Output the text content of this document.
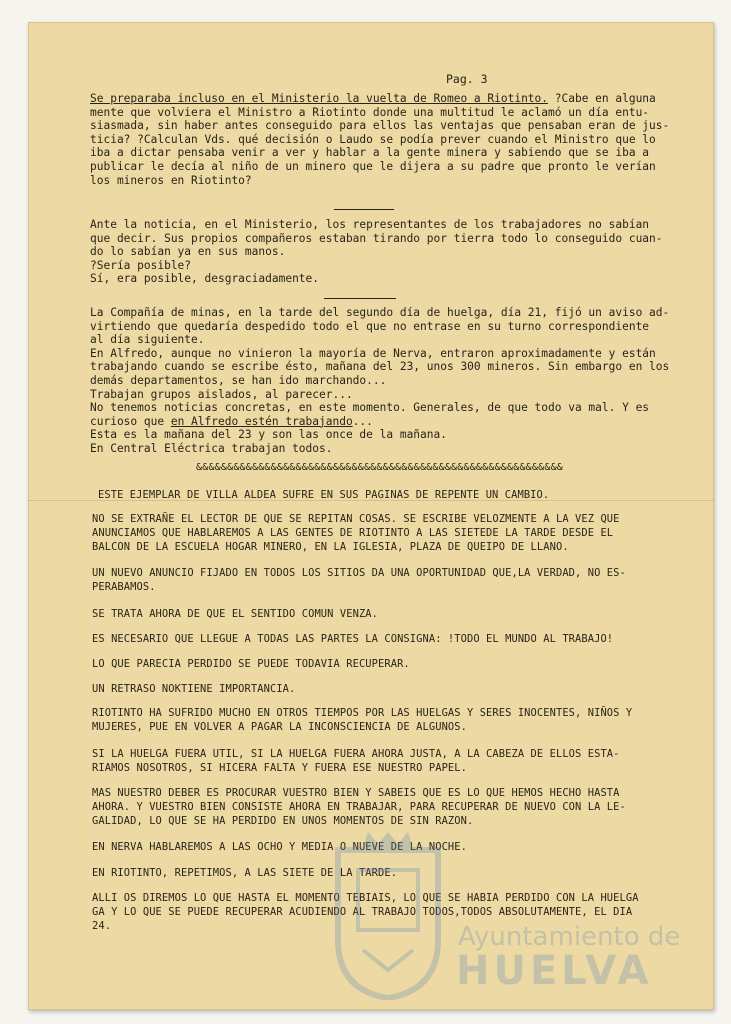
Pag. 3

Se preparaba incluso en el Ministerio la vuelta de Romeo a Riotinto. ?Cabe en alguna
mente que volviera el Ministro a Riotinto donde una multitud le aclamó un día entu-
siasmada, sin haber antes conseguido para ellos las ventajas que pensaban eran de jus-
ticia? ?Calculan Vds. qué decisión o Laudo se podía prever cuando el Ministro que lo
iba a dictar pensaba venir a ver y hablar a la gente minera y sabiendo que se iba a
publicar le decía al niño de un minero que le dijera a su padre que pronto le verían
los mineros en Riotinto?

Ante la noticia, en el Ministerio, los representantes de los trabajadores no sabían
que decir. Sus propios compañeros estaban tirando por tierra todo lo conseguido cuan-
do lo sabían ya en sus manos.
?Sería posible?
Sí, era posible, desgraciadamente.

La Compañía de minas, en la tarde del segundo día de huelga, día 21, fijó un aviso ad-
virtiendo que quedaría despedido todo el que no entrase en su turno correspondiente
al día siguiente.
En Alfredo, aunque no vinieron la mayoría de Nerva, entraron aproximadamente y están
trabajando cuando se escribe ésto, mañana del 23, unos 300 mineros. Sin embargo en los
demás departamentos, se han ido marchando...
Trabajan grupos aislados, al parecer...
No tenemos noticias concretas, en este momento. Generales, de que todo va mal. Y es
curioso que en Alfredo estén trabajando...
Esta es la mañana del 23 y son las once de la mañana.
En Central Eléctrica trabajan todos.

&&&&&&&&&&&&&&&&&&&&&&&&&&&&&&&&&&&&&&&&&&&&&&&&&&&&&&&&&&&

ESTE EJEMPLAR DE VILLA ALDEA SUFRE EN SUS PAGINAS DE REPENTE UN CAMBIO.

NO SE EXTRAÑE EL LECTOR DE QUE SE REPITAN COSAS. SE ESCRIBE VELOZMENTE A LA VEZ QUE
ANUNCIAMOS QUE HABLAREMOS A LAS GENTES DE RIOTINTO A LAS SIETEDE LA TARDE DESDE EL
BALCON DE LA ESCUELA HOGAR MINERO, EN LA IGLESIA, PLAZA DE QUEIPO DE LLANO.

UN NUEVO ANUNCIO FIJADO EN TODOS LOS SITIOS DA UNA OPORTUNIDAD QUE,LA VERDAD, NO ES-
PERABAMOS.

SE TRATA AHORA DE QUE EL SENTIDO COMUN VENZA.

ES NECESARIO QUE LLEGUE A TODAS LAS PARTES LA CONSIGNA: !TODO EL MUNDO AL TRABAJO!

LO QUE PARECIA PERDIDO SE PUEDE TODAVIA RECUPERAR.

UN RETRASO NOKTIENE IMPORTANCIA.

RIOTINTO HA SUFRIDO MUCHO EN OTROS TIEMPOS POR LAS HUELGAS Y SERES INOCENTES, NIÑOS Y
MUJERES, PUE EN VOLVER A PAGAR LA INCONSCIENCIA DE ALGUNOS.

SI LA HUELGA FUERA UTIL, SI LA HUELGA FUERA AHORA JUSTA, A LA CABEZA DE ELLOS ESTA-
RIAMOS NOSOTROS, SI HICERA FALTA Y FUERA ESE NUESTRO PAPEL.

MAS NUESTRO DEBER ES PROCURAR VUESTRO BIEN Y SABEIS QUE ES LO QUE HEMOS HECHO HASTA
AHORA. Y VUESTRO BIEN CONSISTE AHORA EN TRABAJAR, PARA RECUPERAR DE NUEVO CON LA LE-
GALIDAD, LO QUE SE HA PERDIDO EN UNOS MOMENTOS DE SIN RAZON.

EN NERVA HABLAREMOS A LAS OCHO Y MEDIA O NUEVE DE LA NOCHE.

EN RIOTINTO, REPETIMOS, A LAS SIETE DE LA TARDE.

ALLI OS DIREMOS LO QUE HASTA EL MOMENTO TEBIAIS, LO QUE SE HABIA PERDIDO CON LA HUELGA
GA Y LO QUE SE PUEDE RECUPERAR ACUDIENDO AL TRABAJO TODOS,TODOS ABSOLUTAMENTE, EL DIA
24.	Ayuntamiento de
HUELVA
